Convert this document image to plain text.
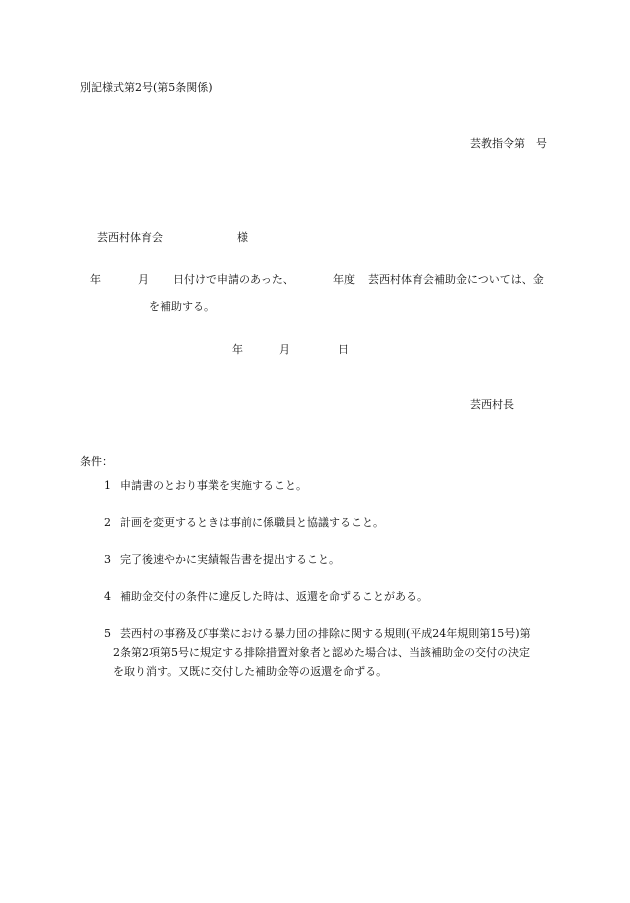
別記様式第2号(第5条関係)
芸教指令第　号
芸西村体育会	様
年	月 日付けで申請のあった、	年度 芸西村体育会補助金については、金
を補助する。
年	月	日
芸西村長
条件：
1 申請書のとおり事業を実施すること。
2 計画を変更するときは事前に係職員と協議すること。
3 完了後速やかに実績報告書を提出すること。
4 補助金交付の条件に違反した時は、返還を命ずることがある。
5 芸西村の事務及び事業における暴力団の排除に関する規則(平成24年規則第15号)第
2条第2項第5号に規定する排除措置対象者と認めた場合は、当該補助金の交付の決定
を取り消す。又既に交付した補助金等の返還を命ずる。
